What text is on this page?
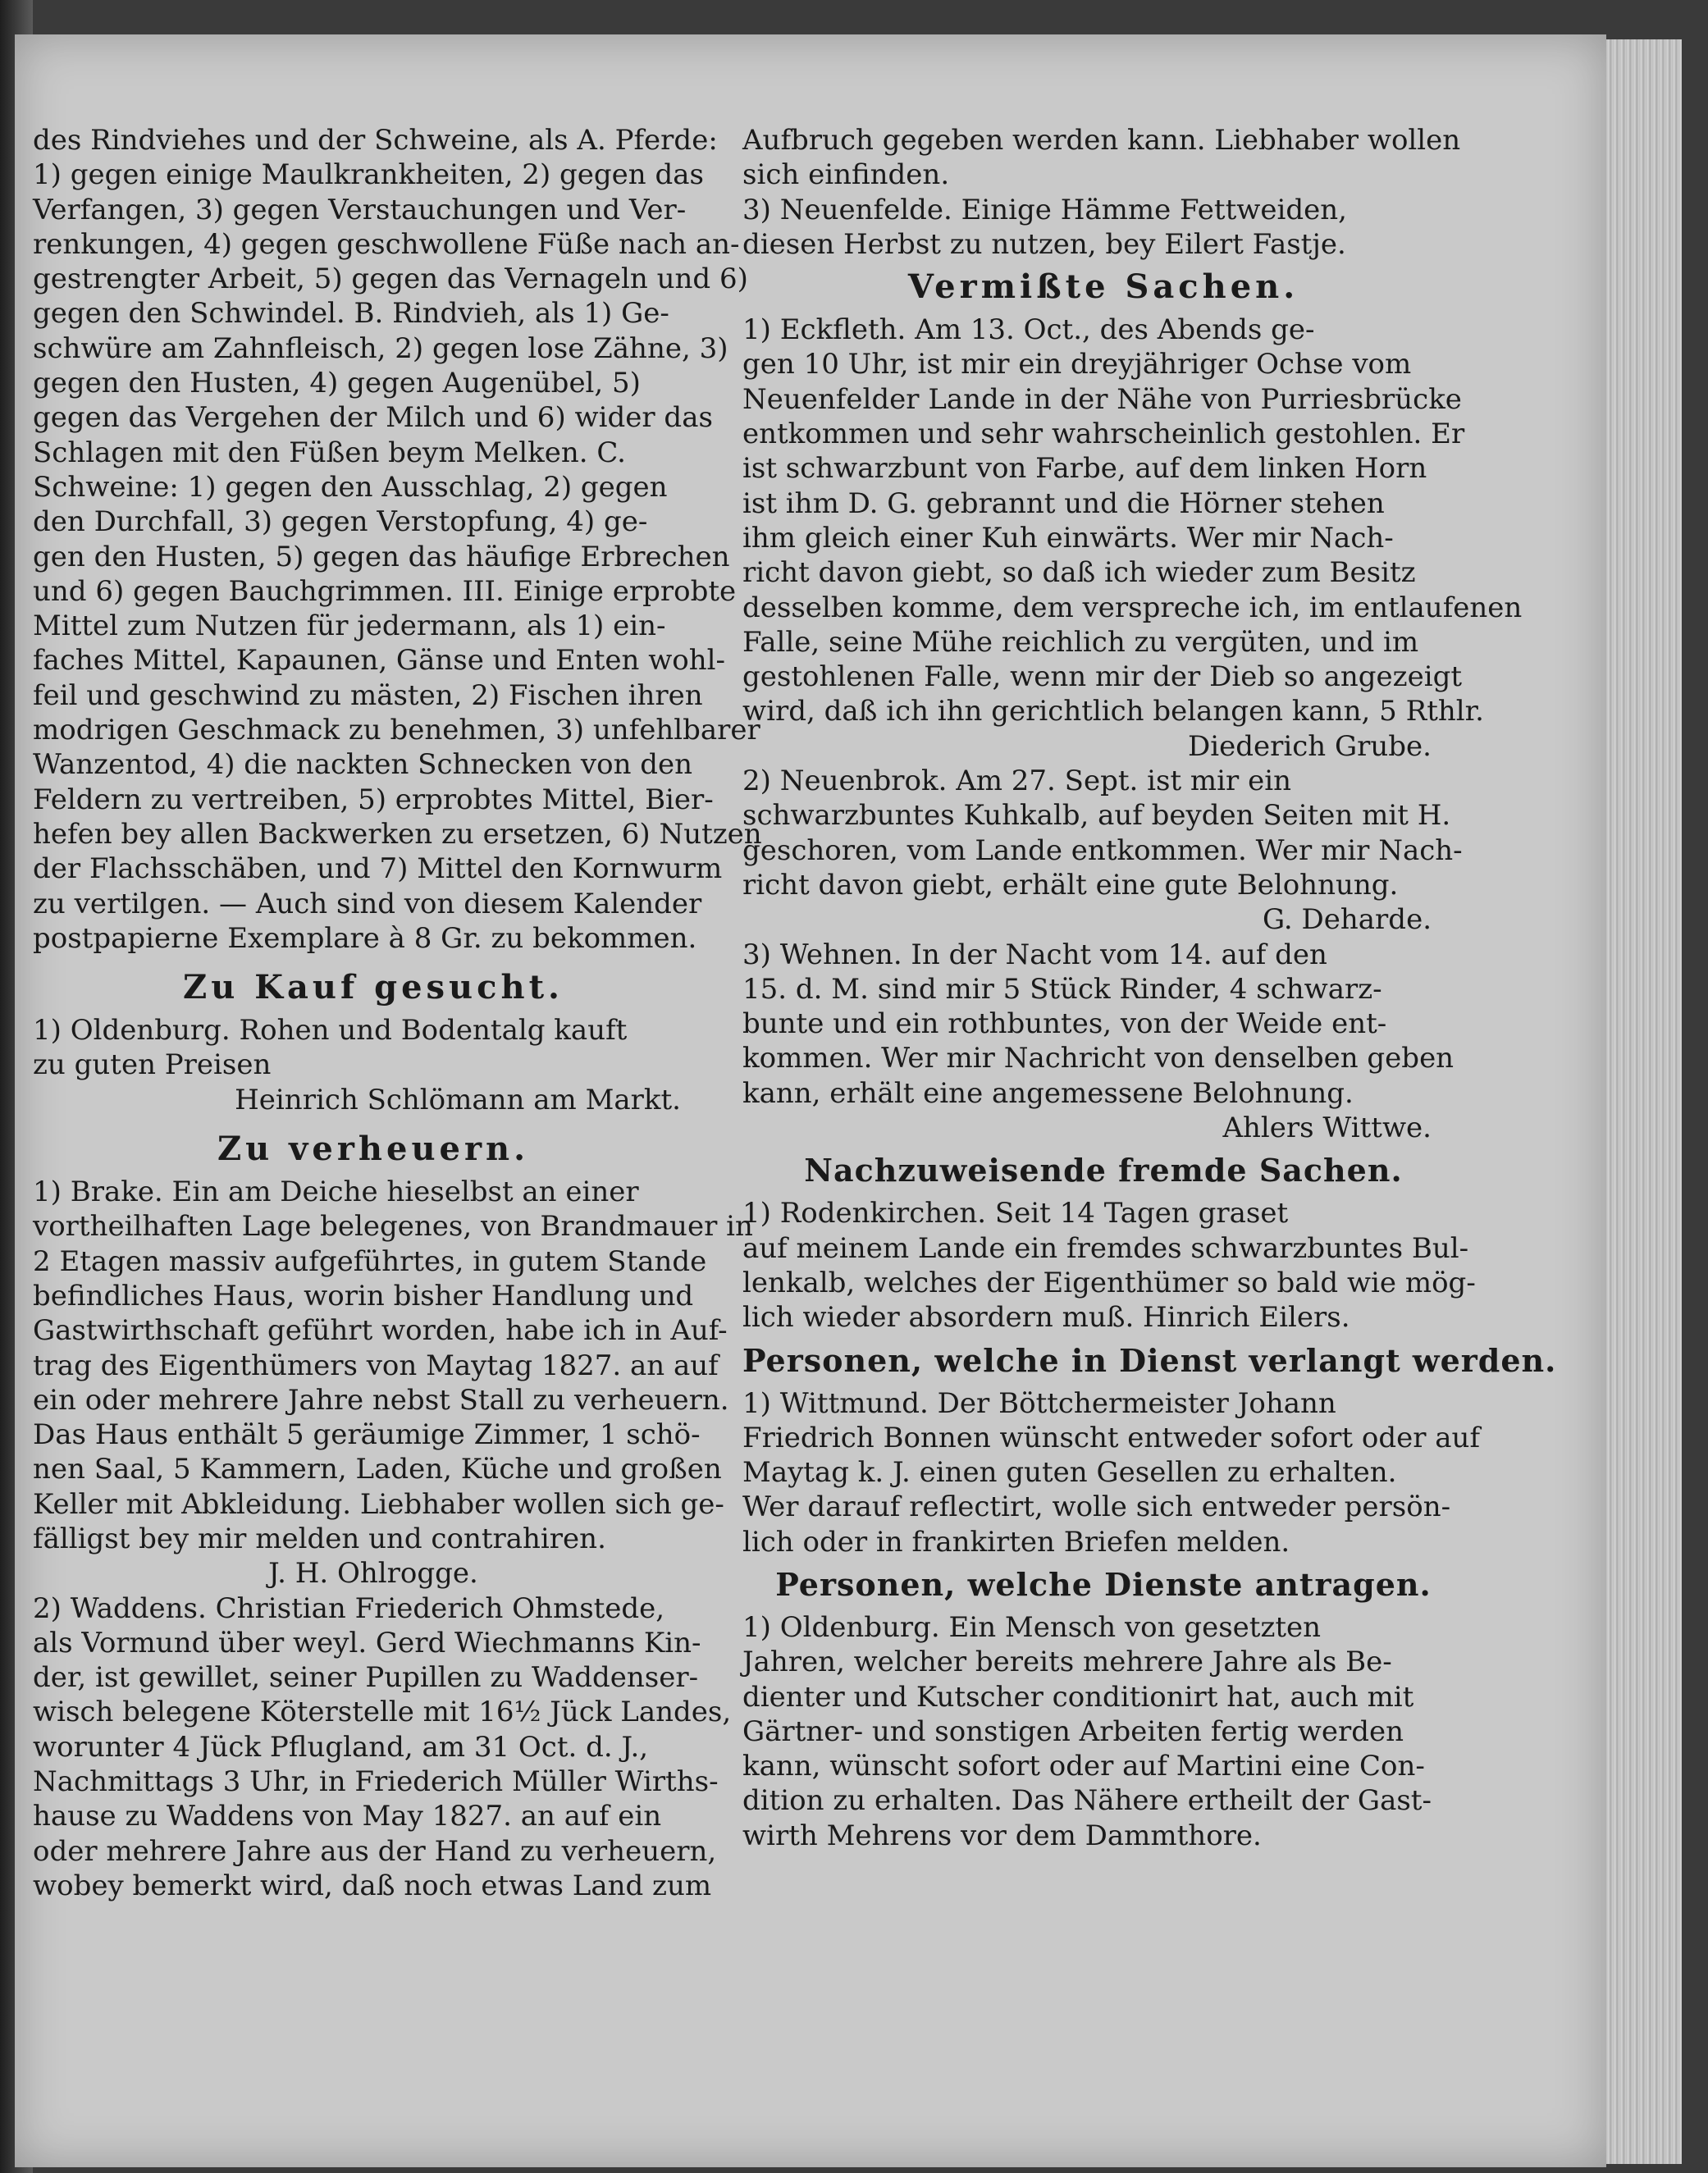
des Rindviehes und der Schweine, als A. Pferde:
1) gegen einige Maulkrankheiten, 2) gegen das
Verfangen, 3) gegen Verstauchungen und Ver-
renkungen, 4) gegen geschwollene Füße nach an-
gestrengter Arbeit, 5) gegen das Vernageln und 6)
gegen den Schwindel. B. Rindvieh, als 1) Ge-
schwüre am Zahnfleisch, 2) gegen lose Zähne, 3)
gegen den Husten, 4) gegen Augenübel, 5)
gegen das Vergehen der Milch und 6) wider das
Schlagen mit den Füßen beym Melken. C.
Schweine: 1) gegen den Ausschlag, 2) gegen
den Durchfall, 3) gegen Verstopfung, 4) ge-
gen den Husten, 5) gegen das häufige Erbrechen
und 6) gegen Bauchgrimmen. III. Einige erprobte
Mittel zum Nutzen für jedermann, als 1) ein-
faches Mittel, Kapaunen, Gänse und Enten wohl-
feil und geschwind zu mästen, 2) Fischen ihren
modrigen Geschmack zu benehmen, 3) unfehlbarer
Wanzentod, 4) die nackten Schnecken von den
Feldern zu vertreiben, 5) erprobtes Mittel, Bier-
hefen bey allen Backwerken zu ersetzen, 6) Nutzen
der Flachsschäben, und 7) Mittel den Kornwurm
zu vertilgen. — Auch sind von diesem Kalender
postpapierne Exemplare à 8 Gr. zu bekommen.
Zu Kauf gesucht.
1) Oldenburg. Rohen und Bodentalg kauft
zu guten Preisen
Heinrich Schlömann am Markt.
Zu verheuern.
1) Brake. Ein am Deiche hieselbst an einer
vortheilhaften Lage belegenes, von Brandmauer in
2 Etagen massiv aufgeführtes, in gutem Stande
befindliches Haus, worin bisher Handlung und
Gastwirthschaft geführt worden, habe ich in Auf-
trag des Eigenthümers von Maytag 1827. an auf
ein oder mehrere Jahre nebst Stall zu verheuern.
Das Haus enthält 5 geräumige Zimmer, 1 schö-
nen Saal, 5 Kammern, Laden, Küche und großen
Keller mit Abkleidung. Liebhaber wollen sich ge-
fälligst bey mir melden und contrahiren.
J. H. Ohlrogge.
2) Waddens. Christian Friederich Ohmstede,
als Vormund über weyl. Gerd Wiechmanns Kin-
der, ist gewillet, seiner Pupillen zu Waddenser-
wisch belegene Köterstelle mit 16½ Jück Landes,
worunter 4 Jück Pflugland, am 31 Oct. d. J.,
Nachmittags 3 Uhr, in Friederich Müller Wirths-
hause zu Waddens von May 1827. an auf ein
oder mehrere Jahre aus der Hand zu verheuern,
wobey bemerkt wird, daß noch etwas Land zum
Aufbruch gegeben werden kann. Liebhaber wollen
sich einfinden.
3) Neuenfelde. Einige Hämme Fettweiden,
diesen Herbst zu nutzen, bey Eilert Fastje.
Vermißte Sachen.
1) Eckfleth. Am 13. Oct., des Abends ge-
gen 10 Uhr, ist mir ein dreyjähriger Ochse vom
Neuenfelder Lande in der Nähe von Purriesbrücke
entkommen und sehr wahrscheinlich gestohlen. Er
ist schwarzbunt von Farbe, auf dem linken Horn
ist ihm D. G. gebrannt und die Hörner stehen
ihm gleich einer Kuh einwärts. Wer mir Nach-
richt davon giebt, so daß ich wieder zum Besitz
desselben komme, dem verspreche ich, im entlaufenen
Falle, seine Mühe reichlich zu vergüten, und im
gestohlenen Falle, wenn mir der Dieb so angezeigt
wird, daß ich ihn gerichtlich belangen kann, 5 Rthlr.
Diederich Grube.
2) Neuenbrok. Am 27. Sept. ist mir ein
schwarzbuntes Kuhkalb, auf beyden Seiten mit H.
geschoren, vom Lande entkommen. Wer mir Nach-
richt davon giebt, erhält eine gute Belohnung.
G. Deharde.
3) Wehnen. In der Nacht vom 14. auf den
15. d. M. sind mir 5 Stück Rinder, 4 schwarz-
bunte und ein rothbuntes, von der Weide ent-
kommen. Wer mir Nachricht von denselben geben
kann, erhält eine angemessene Belohnung.
Ahlers Wittwe.
Nachzuweisende fremde Sachen.
1) Rodenkirchen. Seit 14 Tagen graset
auf meinem Lande ein fremdes schwarzbuntes Bul-
lenkalb, welches der Eigenthümer so bald wie mög-
lich wieder absordern muß. Hinrich Eilers.
Personen, welche in Dienst verlangt werden.
1) Wittmund. Der Böttchermeister Johann
Friedrich Bonnen wünscht entweder sofort oder auf
Maytag k. J. einen guten Gesellen zu erhalten.
Wer darauf reflectirt, wolle sich entweder persön-
lich oder in frankirten Briefen melden.
Personen, welche Dienste antragen.
1) Oldenburg. Ein Mensch von gesetzten
Jahren, welcher bereits mehrere Jahre als Be-
dienter und Kutscher conditionirt hat, auch mit
Gärtner- und sonstigen Arbeiten fertig werden
kann, wünscht sofort oder auf Martini eine Con-
dition zu erhalten. Das Nähere ertheilt der Gast-
wirth Mehrens vor dem Dammthore.
